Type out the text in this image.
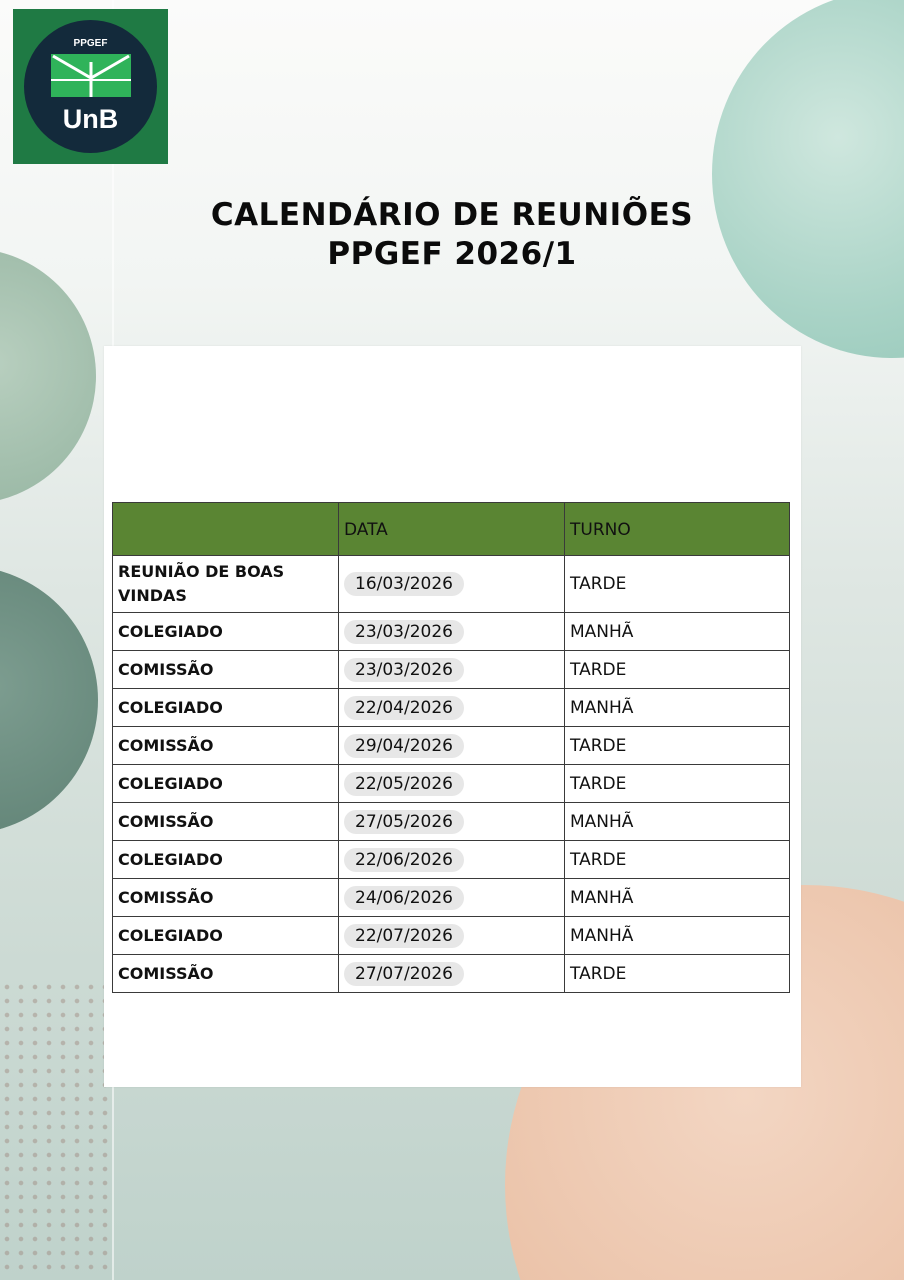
PPGEF
UnB
CALENDÁRIO DE REUNIÕES
PPGEF 2026/1
	DATA	TURNO
REUNIÃO DE BOAS VINDAS	16/03/2026	TARDE
COLEGIADO	23/03/2026	MANHÃ
COMISSÃO	23/03/2026	TARDE
COLEGIADO	22/04/2026	MANHÃ
COMISSÃO	29/04/2026	TARDE
COLEGIADO	22/05/2026	TARDE
COMISSÃO	27/05/2026	MANHÃ
COLEGIADO	22/06/2026	TARDE
COMISSÃO	24/06/2026	MANHÃ
COLEGIADO	22/07/2026	MANHÃ
COMISSÃO	27/07/2026	TARDE
